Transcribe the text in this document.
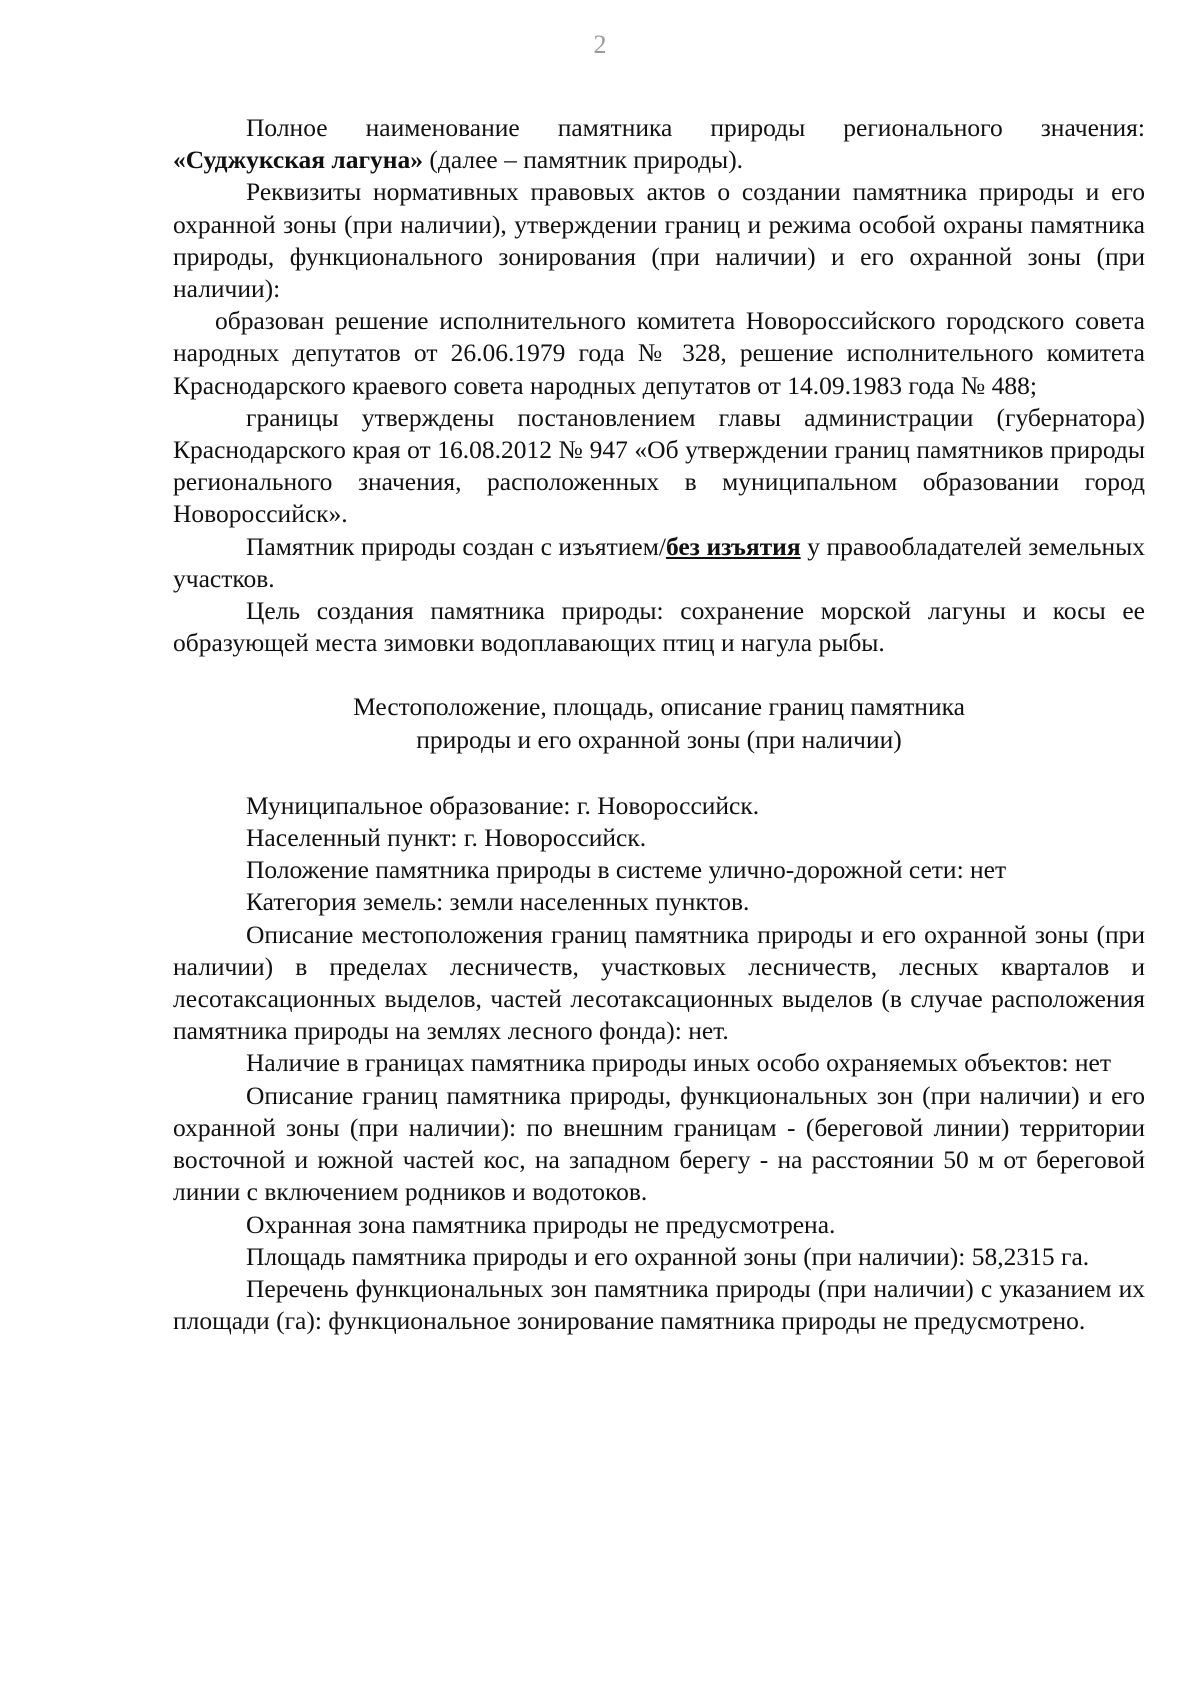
2

Полное наименование памятника природы регионального значения: «Суджукская лагуна» (далее – памятник природы).

Реквизиты нормативных правовых актов о создании памятника природы и его охранной зоны (при наличии), утверждении границ и режима особой охраны памятника природы, функционального зонирования (при наличии) и его охранной зоны (при наличии):

образован решение исполнительного комитета Новороссийского городского совета народных депутатов от 26.06.1979 года № 328, решение исполнительного комитета Краснодарского краевого совета народных депутатов от 14.09.1983 года № 488;

границы утверждены постановлением главы администрации (губернатора) Краснодарского края от 16.08.2012 № 947 «Об утверждении границ памятников природы регионального значения, расположенных в муниципальном образовании город Новороссийск».

Памятник природы создан с изъятием/без изъятия у правообладателей земельных участков.

Цель создания памятника природы: сохранение морской лагуны и косы ее образующей места зимовки водоплавающих птиц и нагула рыбы.

Местоположение, площадь, описание границ памятника

природы и его охранной зоны (при наличии)

Муниципальное образование: г. Новороссийск.

Населенный пункт: г. Новороссийск.

Положение памятника природы в системе улично-дорожной сети: нет

Категория земель: земли населенных пунктов.

Описание местоположения границ памятника природы и его охранной зоны (при наличии) в пределах лесничеств, участковых лесничеств, лесных кварталов и лесотаксационных выделов, частей лесотаксационных выделов (в случае расположения памятника природы на землях лесного фонда): нет.

Наличие в границах памятника природы иных особо охраняемых объектов: нет

Описание границ памятника природы, функциональных зон (при наличии) и его охранной зоны (при наличии): по внешним границам - (береговой линии) территории восточной и южной частей кос, на западном берегу - на расстоянии 50 м от береговой линии с включением родников и водотоков.

Охранная зона памятника природы не предусмотрена.

Площадь памятника природы и его охранной зоны (при наличии): 58,2315 га.

Перечень функциональных зон памятника природы (при наличии) с указанием их площади (га): функциональное зонирование памятника природы не предусмотрено.
